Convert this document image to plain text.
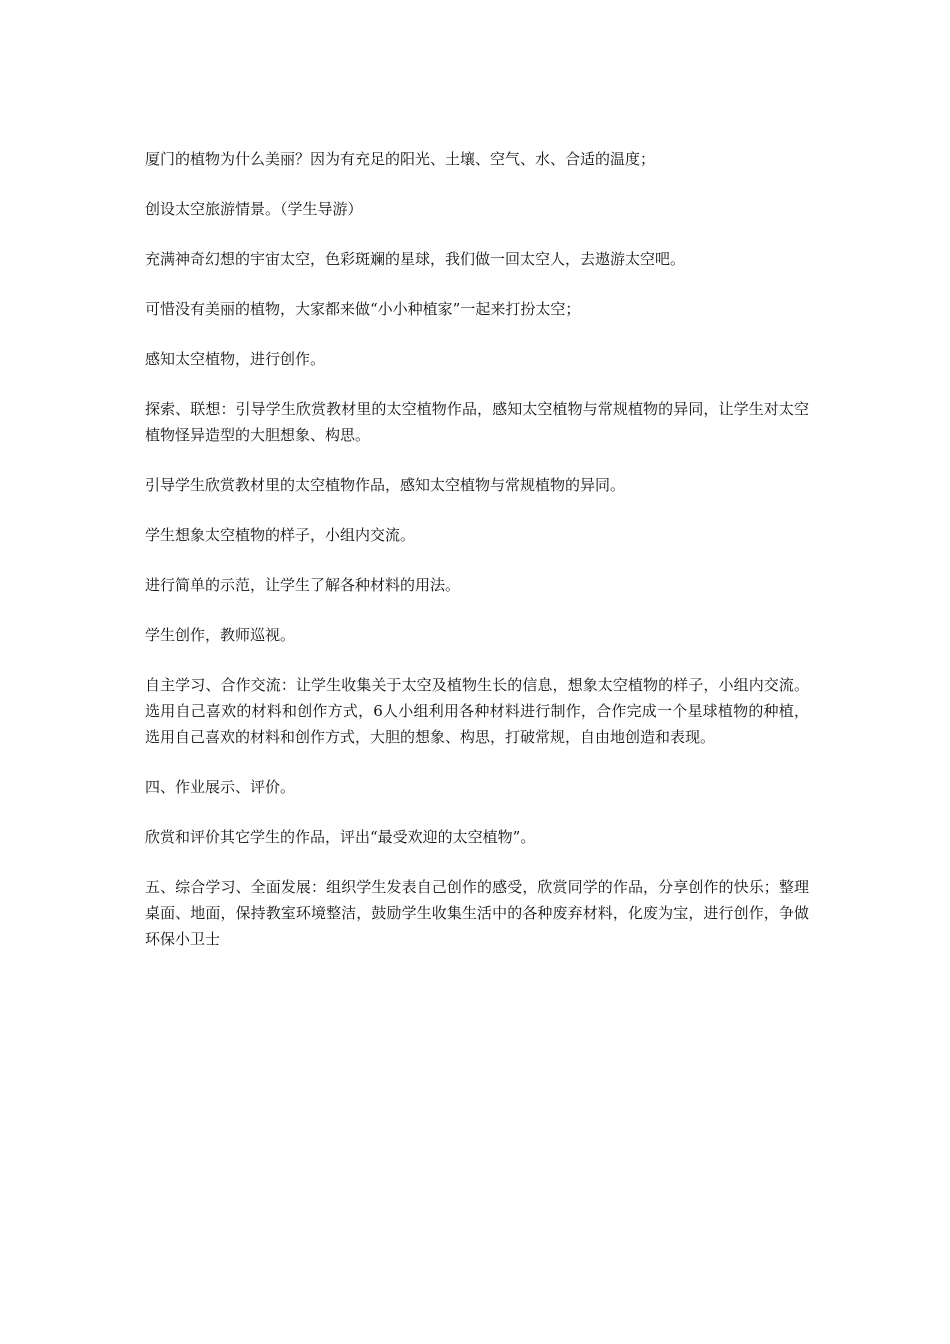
厦门的植物为什么美丽？因为有充足的阳光、土壤、空气、水、合适的温度；

创设太空旅游情景。（学生导游）

充满神奇幻想的宇宙太空，色彩斑斓的星球，我们做一回太空人，去遨游太空吧。

可惜没有美丽的植物，大家都来做“小小种植家”一起来打扮太空；

感知太空植物，进行创作。

探索、联想：引导学生欣赏教材里的太空植物作品，感知太空植物与常规植物的异同，让学生对太空植物怪异造型的大胆想象、构思。

引导学生欣赏教材里的太空植物作品，感知太空植物与常规植物的异同。

学生想象太空植物的样子，小组内交流。

进行简单的示范，让学生了解各种材料的用法。

学生创作，教师巡视。

自主学习、合作交流：让学生收集关于太空及植物生长的信息，想象太空植物的样子，小组内交流。选用自己喜欢的材料和创作方式，6人小组利用各种材料进行制作，合作完成一个星球植物的种植，选用自己喜欢的材料和创作方式，大胆的想象、构思，打破常规，自由地创造和表现。

四、作业展示、评价。

欣赏和评价其它学生的作品，评出“最受欢迎的太空植物”。

五、综合学习、全面发展：组织学生发表自己创作的感受，欣赏同学的作品，分享创作的快乐；整理桌面、地面，保持教室环境整洁，鼓励学生收集生活中的各种废弃材料，化废为宝，进行创作，争做环保小卫士
